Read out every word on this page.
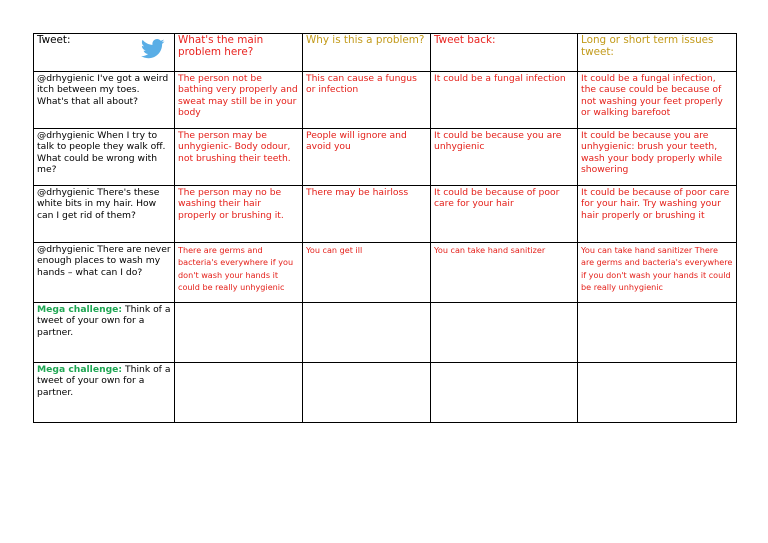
Tweet:	What's the main problem here?	Why is this a problem?	Tweet back:	Long or short term issues tweet:
@drhygienic I've got a weird itch between my toes. What's that all about?	The person not be bathing very properly and sweat may still be in your body	This can cause a fungus or infection	It could be a fungal infection	It could be a fungal infection, the cause could be because of not washing your feet properly or walking barefoot
@drhygienic When I try to talk to people they walk off. What could be wrong with me?	The person may be unhygienic- Body odour, not brushing their teeth.	People will ignore and avoid you	It could be because you are unhygienic	It could be because you are unhygienic: brush your teeth, wash your body properly while showering
@drhygienic There's these white bits in my hair. How can I get rid of them?	The person may no be washing their hair properly or brushing it.	There may be hairloss	It could be because of poor care for your hair	It could be because of poor care for your hair. Try washing your hair properly or brushing it
@drhygienic There are never enough places to wash my hands – what can I do?	There are germs and bacteria's everywhere if you don't wash your hands it could be really unhygienic	You can get ill	You can take hand sanitizer	You can take hand sanitizer There are germs and bacteria's everywhere if you don't wash your hands it could be really unhygienic
Mega challenge: Think of a tweet of your own for a partner.				
Mega challenge: Think of a tweet of your own for a partner.				
